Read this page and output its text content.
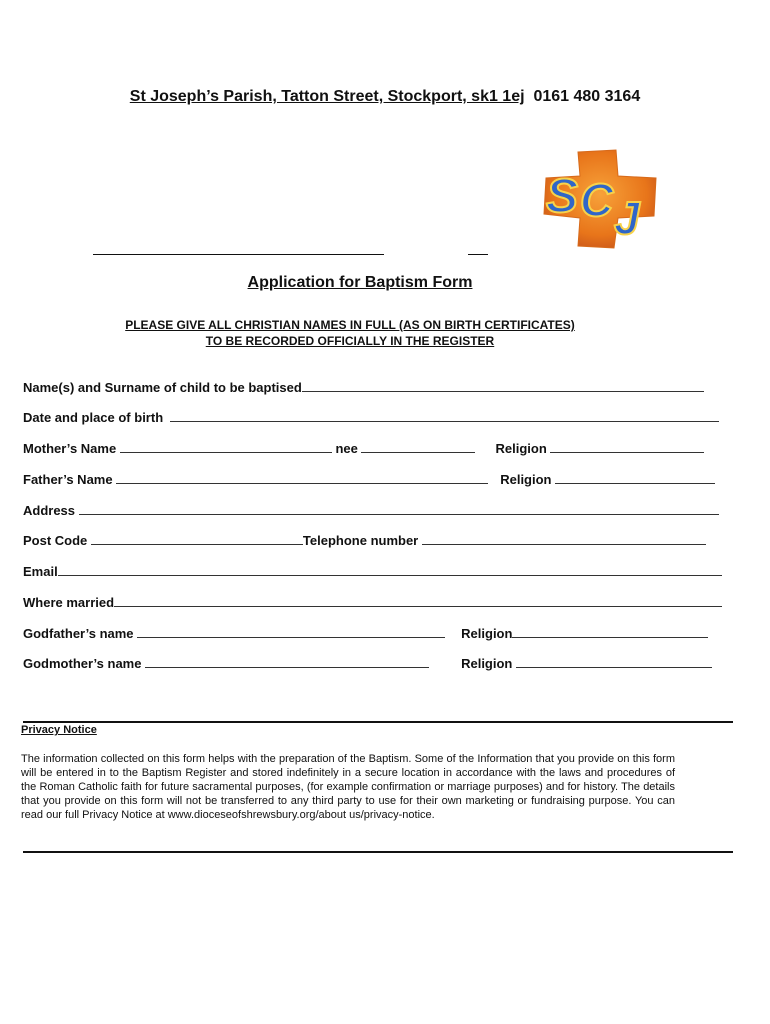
St Joseph’s Parish, Tatton Street, Stockport, sk1 1ej 0161 480 3164
S C J
Application for Baptism Form
PLEASE GIVE ALL CHRISTIAN NAMES IN FULL (AS ON BIRTH CERTIFICATES)
TO BE RECORDED OFFICIALLY IN THE REGISTER
Name(s) and Surname of child to be baptised
Date and place of birth
Mother’s Name	nee	Religion
Father’s Name	Religion
Address
Post Code	Telephone number
Email
Where married
Godfather’s name	Religion
Godmother’s name	Religion
Privacy Notice
The information collected on this form helps with the preparation of the Baptism. Some of the Information that you provide on this form will be entered in to the Baptism Register and stored indefinitely in a secure location in accordance with the laws and procedures of the Roman Catholic faith for future sacramental purposes, (for example confirmation or marriage purposes) and for history. The details that you provide on this form will not be transferred to any third party to use for their own marketing or fundraising purpose. You can read our full Privacy Notice at www.dioceseofshrewsbury.org/about us/privacy-notice.
